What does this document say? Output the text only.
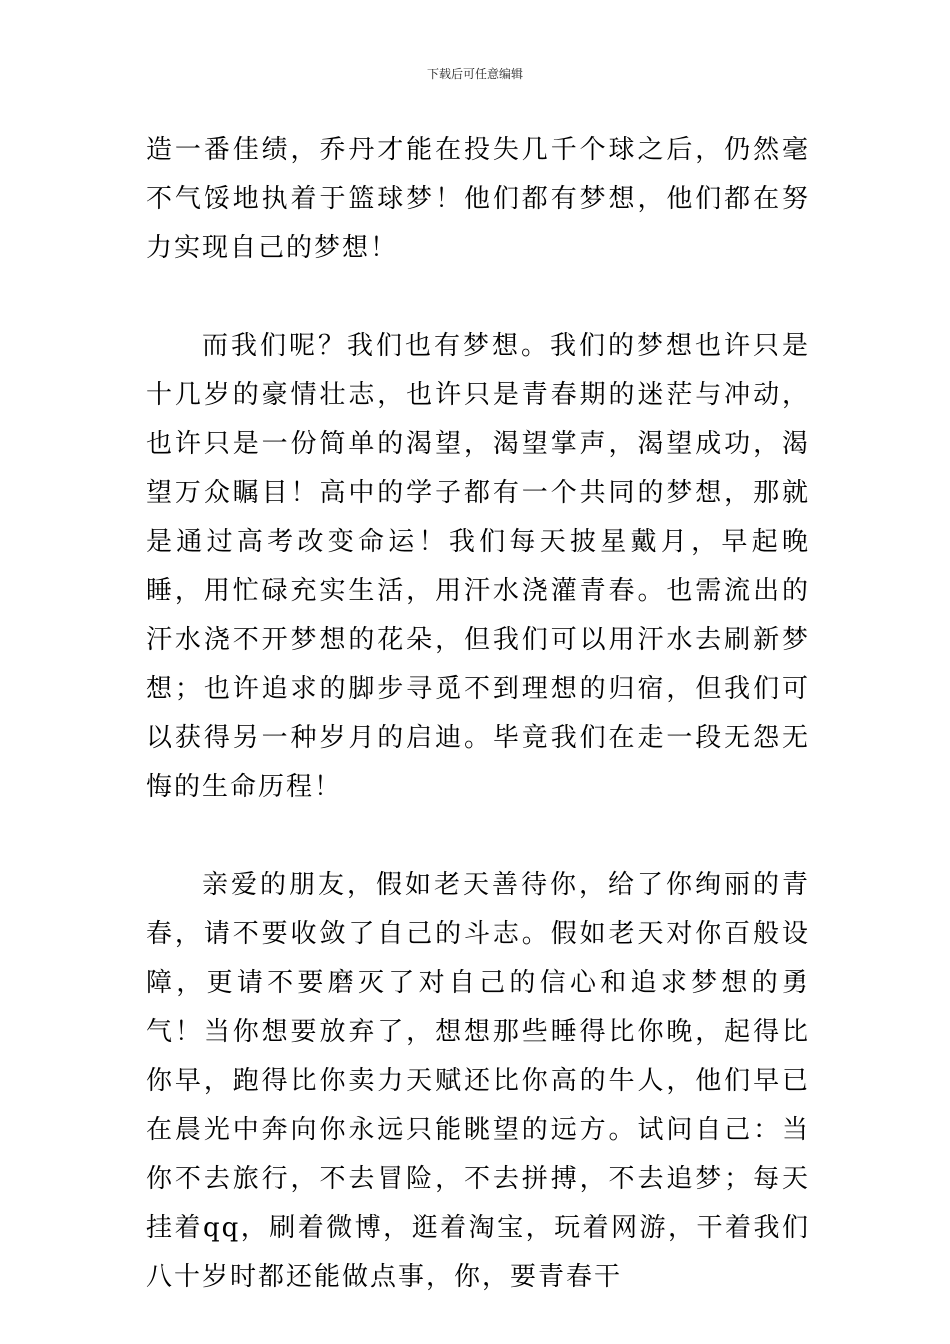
下载后可任意编辑

造一番佳绩，乔丹才能在投失几千个球之后，仍然毫不气馁地执着于篮球梦！他们都有梦想，他们都在努力实现自己的梦想！

而我们呢？我们也有梦想。我们的梦想也许只是十几岁的豪情壮志，也许只是青春期的迷茫与冲动，也许只是一份简单的渴望，渴望掌声，渴望成功，渴望万众瞩目！高中的学子都有一个共同的梦想，那就是通过高考改变命运！我们每天披星戴月，早起晚睡，用忙碌充实生活，用汗水浇灌青春。也需流出的汗水浇不开梦想的花朵，但我们可以用汗水去刷新梦想；也许追求的脚步寻觅不到理想的归宿，但我们可以获得另一种岁月的启迪。毕竟我们在走一段无怨无悔的生命历程！

亲爱的朋友，假如老天善待你，给了你绚丽的青春，请不要收敛了自己的斗志。假如老天对你百般设障，更请不要磨灭了对自己的信心和追求梦想的勇气！当你想要放弃了，想想那些睡得比你晚，起得比你早，跑得比你卖力天赋还比你高的牛人，他们早已在晨光中奔向你永远只能眺望的远方。试问自己：当你不去旅行，不去冒险，不去拼搏，不去追梦；每天挂着qq，刷着微博，逛着淘宝，玩着网游，干着我们八十岁时都还能做点事，你，要青春干
